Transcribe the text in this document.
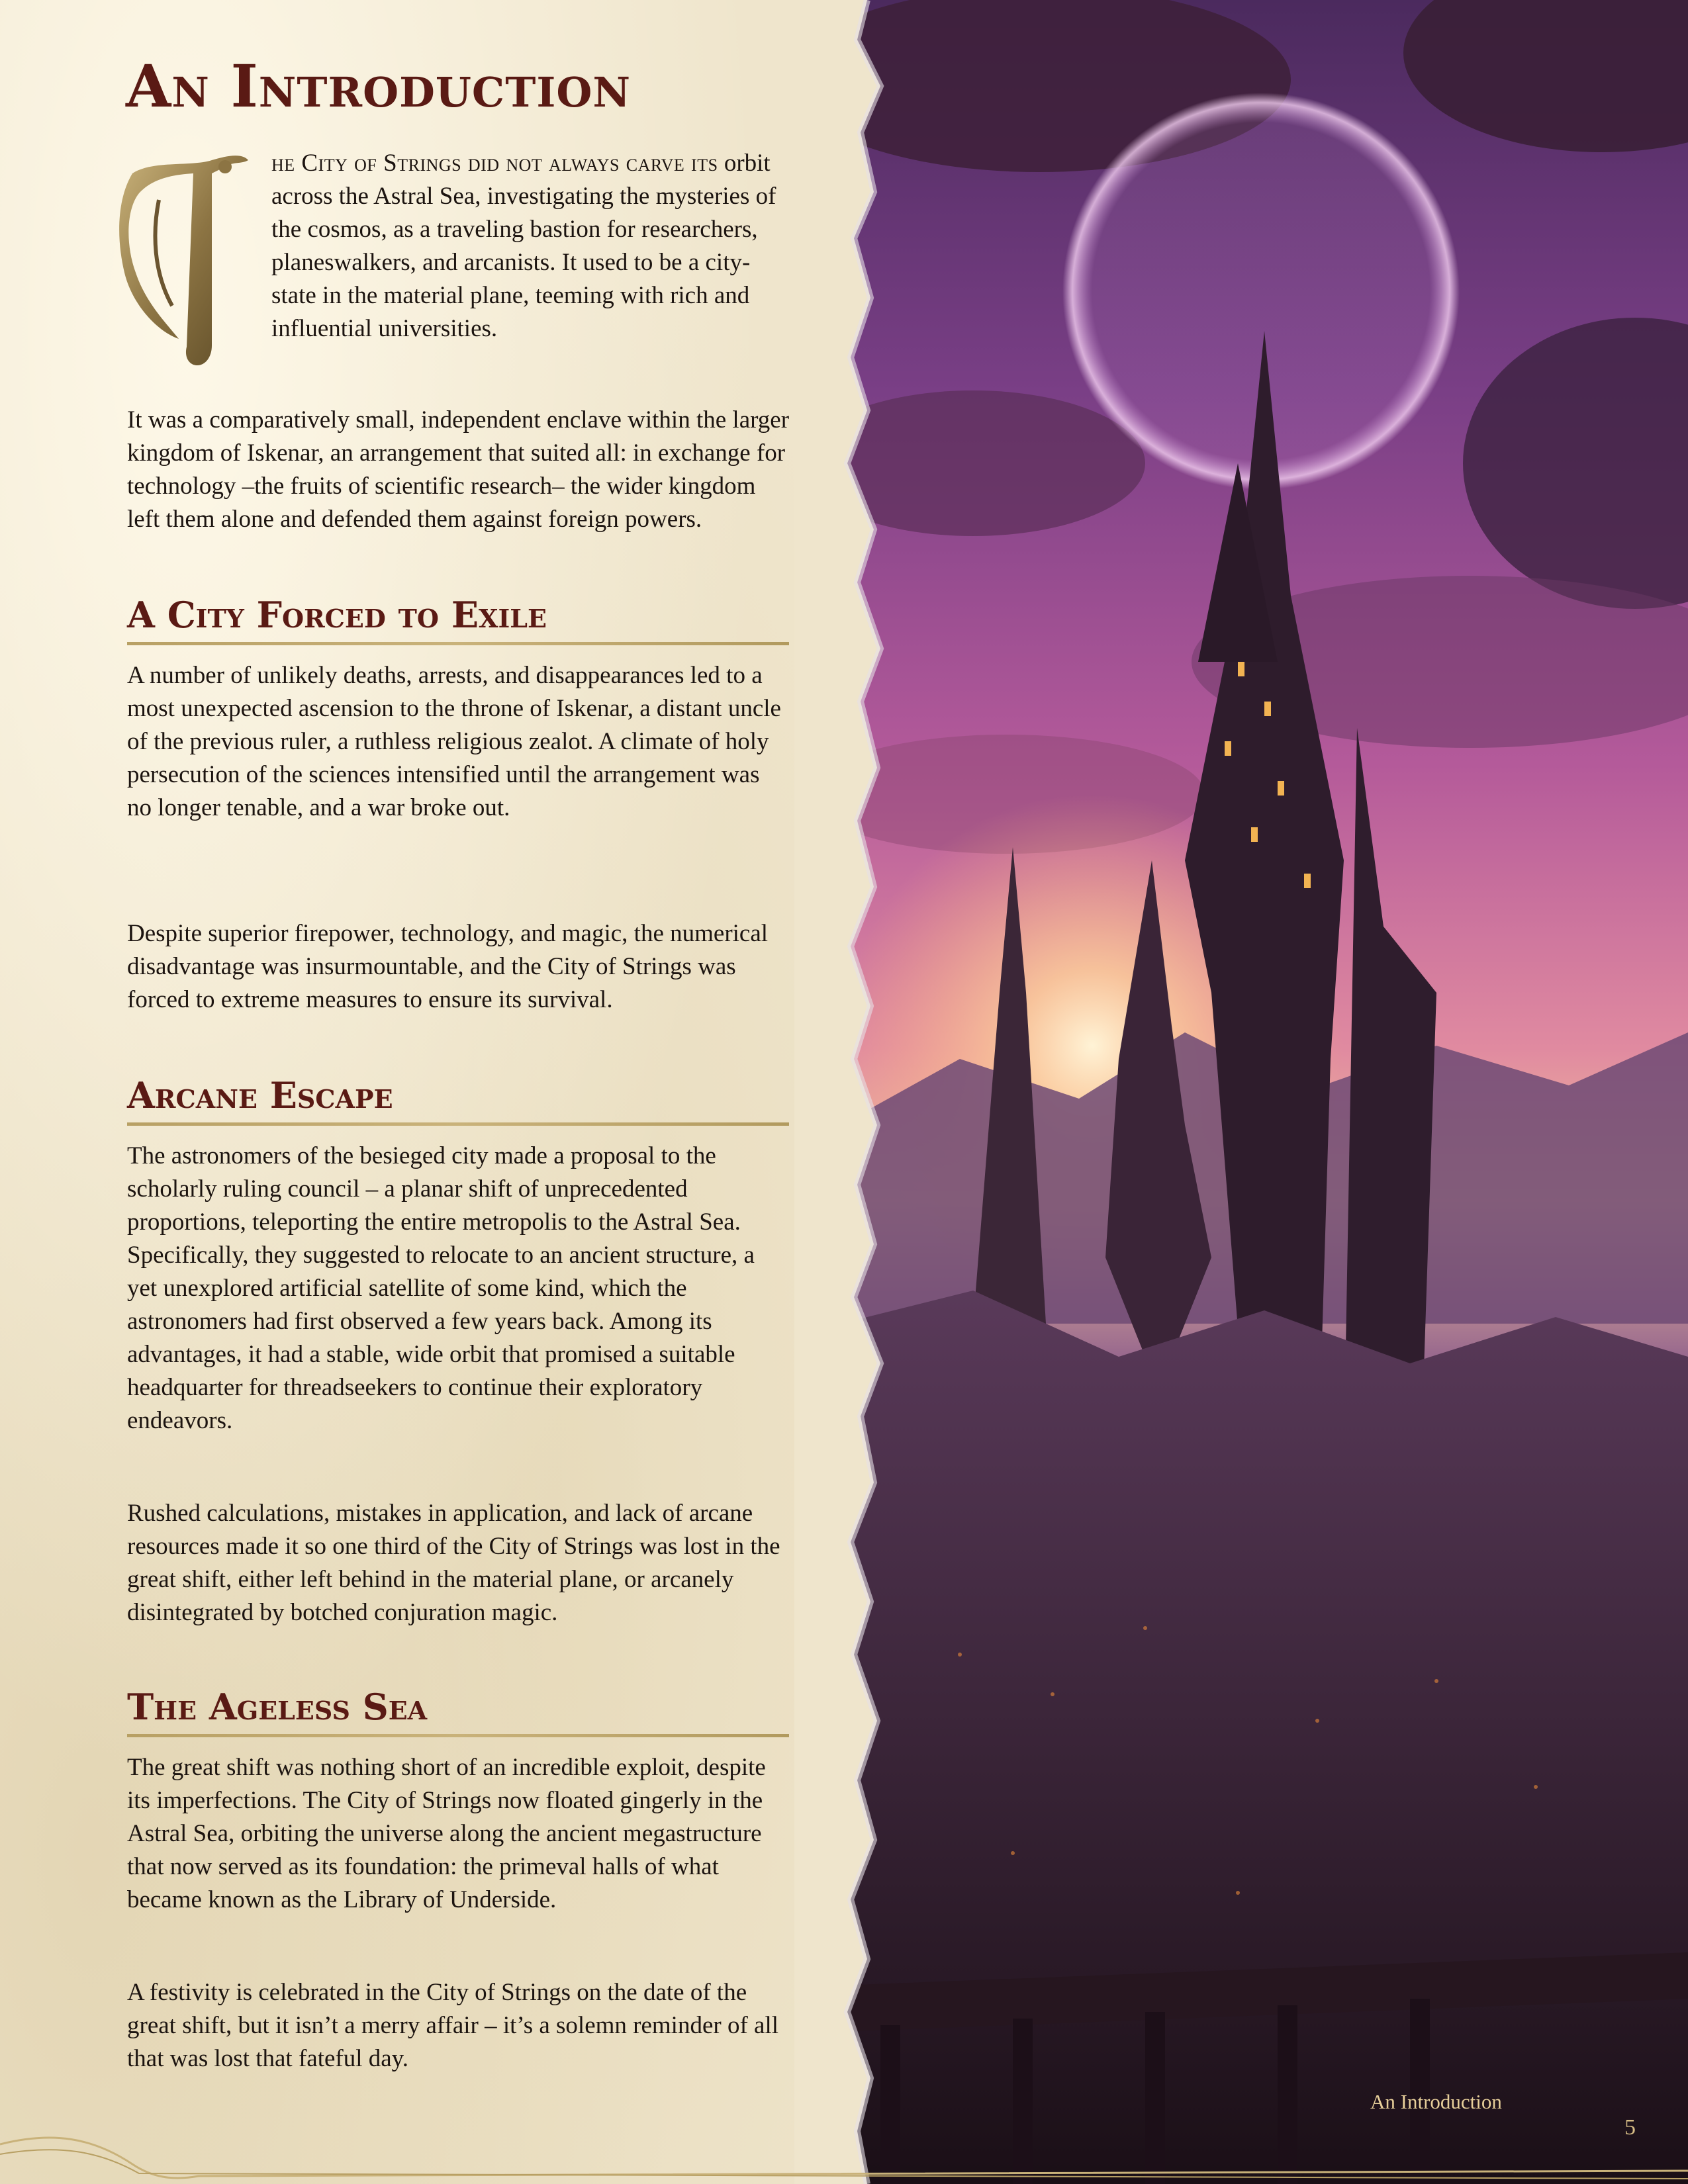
An Introduction

he City of Strings did not always carve its orbit across the Astral Sea, investigating the mysteries of the cosmos, as a traveling bastion for researchers, planeswalkers, and arcanists. It used to be a city-state in the material plane, teeming with rich and influential universities.

It was a comparatively small, independent enclave within the larger kingdom of Iskenar, an arrangement that suited all: in exchange for technology –the fruits of scientific research– the wider kingdom left them alone and defended them against foreign powers.

A City Forced to Exile

A number of unlikely deaths, arrests, and disappearances led to a most unexpected ascension to the throne of Iskenar, a distant uncle of the previous ruler, a ruthless religious zealot. A climate of holy persecution of the sciences intensified until the arrangement was no longer tenable, and a war broke out.

Despite superior firepower, technology, and magic, the numerical disadvantage was insurmountable, and the City of Strings was forced to extreme measures to ensure its survival.

Arcane Escape

The astronomers of the besieged city made a proposal to the scholarly ruling council – a planar shift of unprecedented proportions, teleporting the entire metropolis to the Astral Sea. Specifically, they suggested to relocate to an ancient structure, a yet unexplored artificial satellite of some kind, which the astronomers had first observed a few years back. Among its advantages, it had a stable, wide orbit that promised a suitable headquarter for threadseekers to continue their exploratory endeavors.

Rushed calculations, mistakes in application, and lack of arcane resources made it so one third of the City of Strings was lost in the great shift, either left behind in the material plane, or arcanely disintegrated by botched conjuration magic.

The Ageless Sea

The great shift was nothing short of an incredible exploit, despite its imperfections. The City of Strings now floated gingerly in the Astral Sea, orbiting the universe along the ancient megastructure that now served as its foundation: the primeval halls of what became known as the Library of Underside.

A festivity is celebrated in the City of Strings on the date of the great shift, but it isn’t a merry affair – it’s a solemn reminder of all that was lost that fateful day.

An Introduction
5
